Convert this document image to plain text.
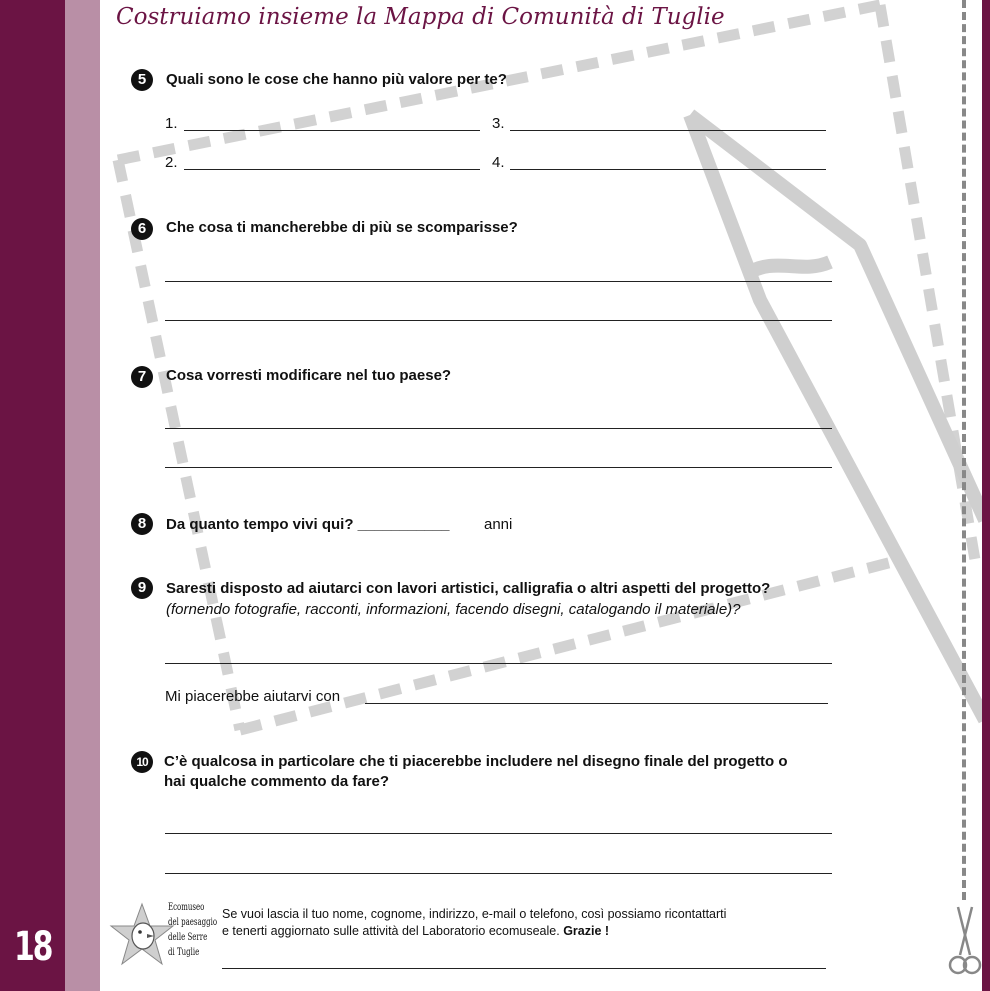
18
Costruiamo insieme la Mappa di Comunità di Tuglie
5	Quali sono le cose che hanno più valore per te?
1.	3.
2.	4.
6	Che cosa ti mancherebbe di più se scomparisse?
7	Cosa vorresti modificare nel tuo paese?
8	Da quanto tempo vivi qui? ___________ anni
9	Saresti disposto ad aiutarci con lavori artistici, calligrafia o altri aspetti del progetto?
(fornendo fotografie, racconti, informazioni, facendo disegni, catalogando il materiale)?
Mi piacerebbe aiutarvi con
10	C’è qualcosa in particolare che ti piacerebbe includere nel disegno finale del progetto o
hai qualche commento da fare?
Ecomuseo
del paesaggio
delle Serre
di Tuglie
Se vuoi lascia il tuo nome, cognome, indirizzo, e-mail o telefono, così possiamo ricontattarti
e tenerti aggiornato sulle attività del Laboratorio ecomuseale. Grazie !
